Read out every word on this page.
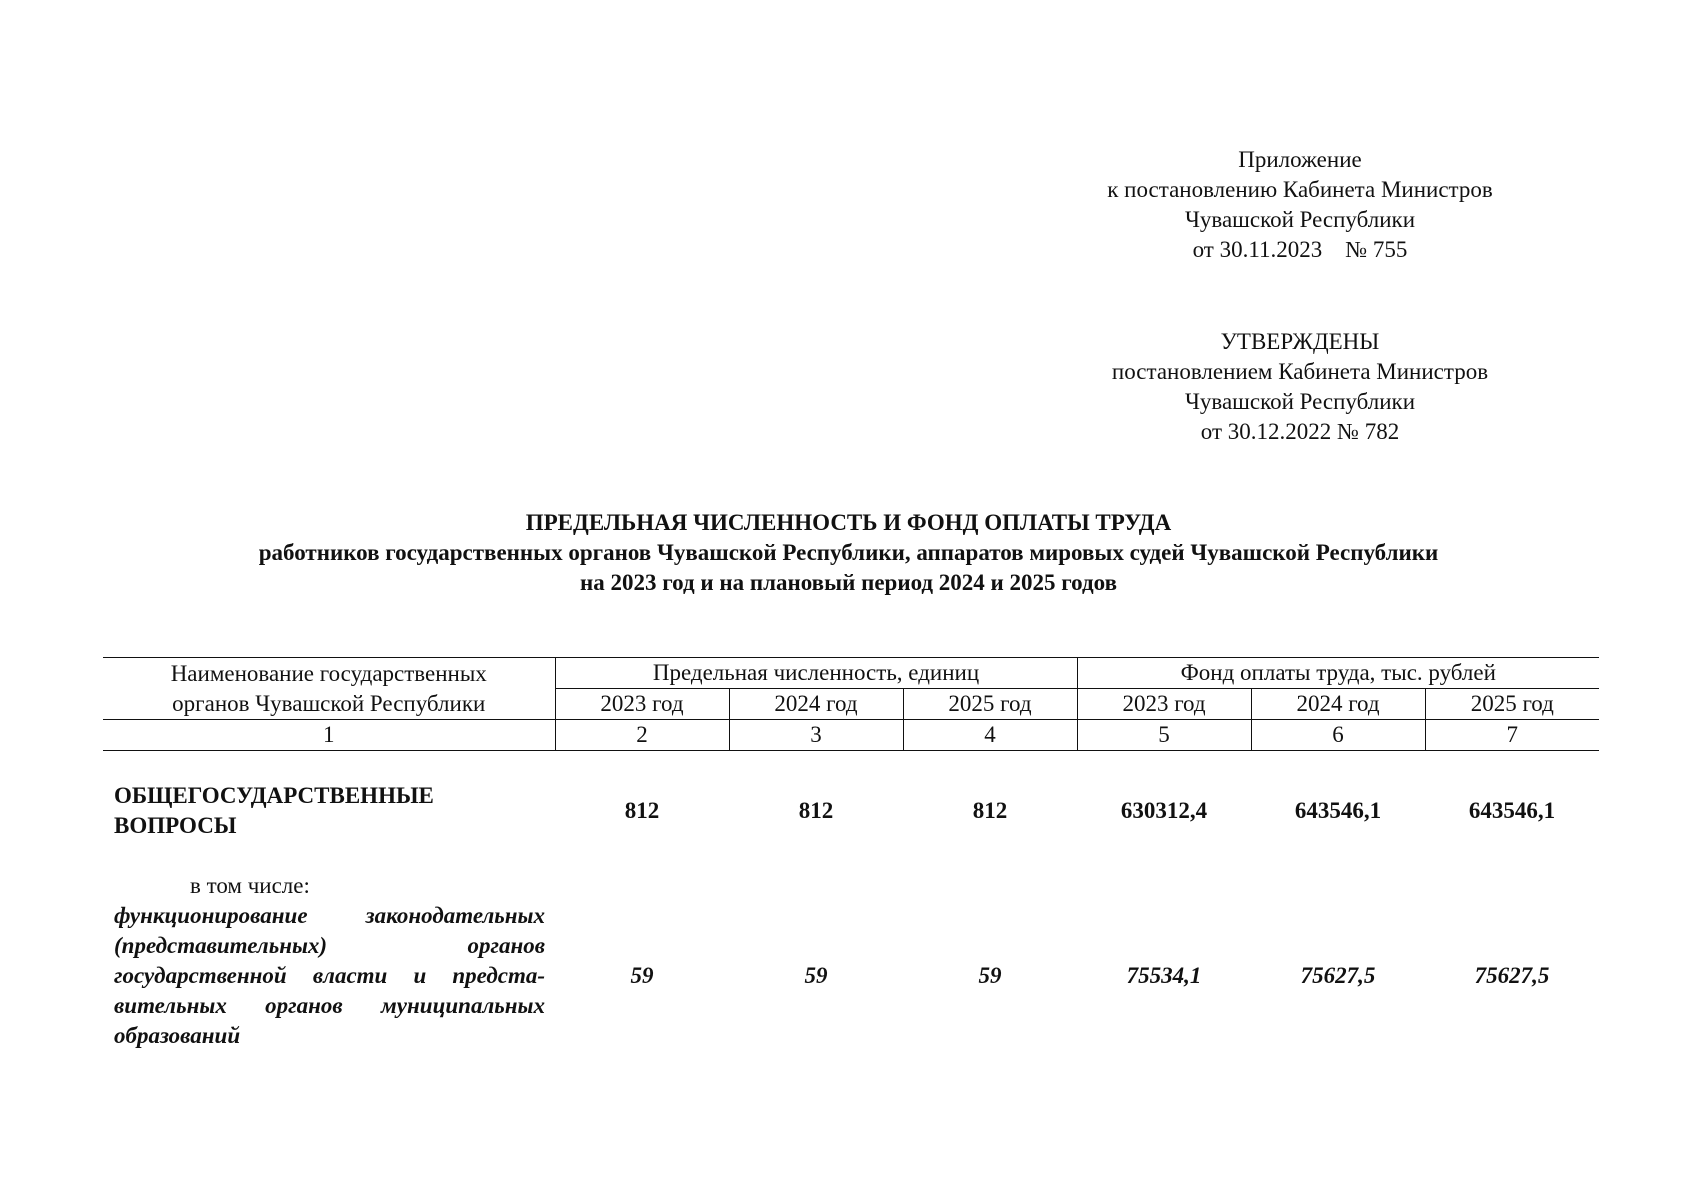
Приложение
к постановлению Кабинета Министров
Чувашской Республики
от 30.11.2023    № 755
УТВЕРЖДЕНЫ
постановлением Кабинета Министров
Чувашской Республики
от 30.12.2022 № 782
ПРЕДЕЛЬНАЯ ЧИСЛЕННОСТЬ И ФОНД ОПЛАТЫ ТРУДА
работников государственных органов Чувашской Республики, аппаратов мировых судей Чувашской Республики
на 2023 год и на плановый период 2024 и 2025 годов
Наименование государственных
органов Чувашской Республики	Предельная численность, единиц			Фонд оплаты труда, тыс. рублей		
	2023 год	2024 год	2025 год	2023 год	2024 год	2025 год
1	2	3	4	5	6	7

ОБЩЕГОСУДАРСТВЕННЫЕ ВОПРОСЫ	812	812	812	630312,4	643546,1	643546,1

в том числе:
функционирование законодательных (представительных) органов государственной власти и представительных органов муниципальных образований	59	59	59	75534,1	75627,5	75627,5
